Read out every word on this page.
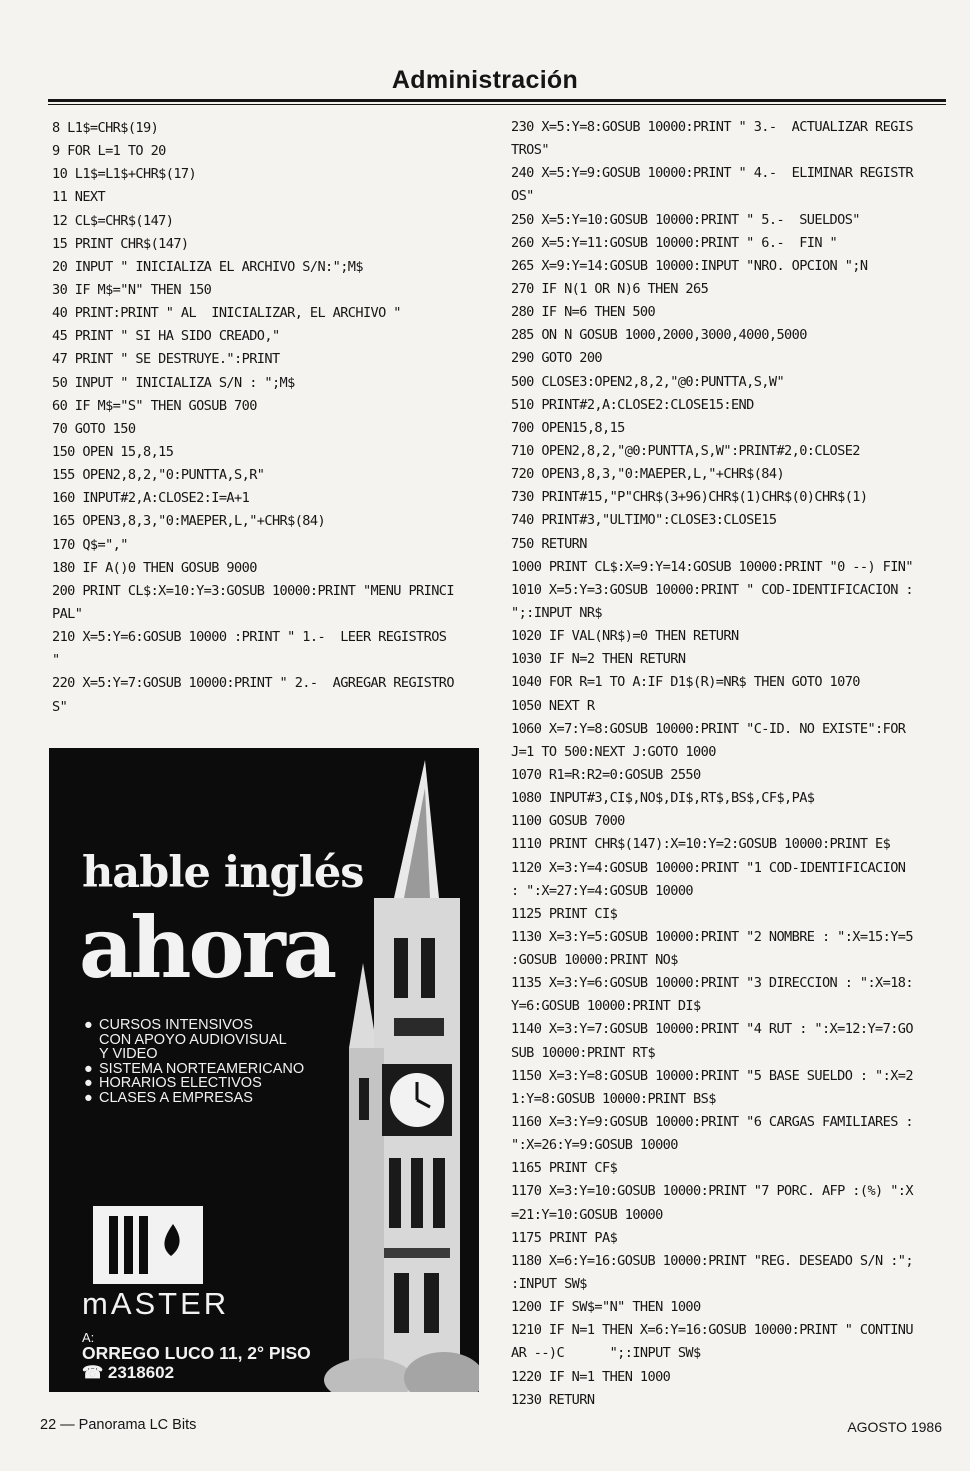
Administración
8 L1$=CHR$(19)
9 FOR L=1 TO 20
10 L1$=L1$+CHR$(17)
11 NEXT
12 CL$=CHR$(147)
15 PRINT CHR$(147)
20 INPUT " INICIALIZA EL ARCHIVO S/N:";M$
30 IF M$="N" THEN 150
40 PRINT:PRINT " AL  INICIALIZAR, EL ARCHIVO "
45 PRINT " SI HA SIDO CREADO,"
47 PRINT " SE DESTRUYE.":PRINT
50 INPUT " INICIALIZA S/N : ";M$
60 IF M$="S" THEN GOSUB 700
70 GOTO 150
150 OPEN 15,8,15
155 OPEN2,8,2,"0:PUNTTA,S,R"
160 INPUT#2,A:CLOSE2:I=A+1
165 OPEN3,8,3,"0:MAEPER,L,"+CHR$(84)
170 Q$=","
180 IF A()0 THEN GOSUB 9000
200 PRINT CL$:X=10:Y=3:GOSUB 10000:PRINT "MENU PRINCI
PAL"
210 X=5:Y=6:GOSUB 10000 :PRINT " 1.-  LEER REGISTROS
"
220 X=5:Y=7:GOSUB 10000:PRINT " 2.-  AGREGAR REGISTRO
S"
230 X=5:Y=8:GOSUB 10000:PRINT " 3.-  ACTUALIZAR REGIS
TROS"
240 X=5:Y=9:GOSUB 10000:PRINT " 4.-  ELIMINAR REGISTR
OS"
250 X=5:Y=10:GOSUB 10000:PRINT " 5.-  SUELDOS"
260 X=5:Y=11:GOSUB 10000:PRINT " 6.-  FIN "
265 X=9:Y=14:GOSUB 10000:INPUT "NRO. OPCION ";N
270 IF N(1 OR N)6 THEN 265
280 IF N=6 THEN 500
285 ON N GOSUB 1000,2000,3000,4000,5000
290 GOTO 200
500 CLOSE3:OPEN2,8,2,"@0:PUNTTA,S,W"
510 PRINT#2,A:CLOSE2:CLOSE15:END
700 OPEN15,8,15
710 OPEN2,8,2,"@0:PUNTTA,S,W":PRINT#2,0:CLOSE2
720 OPEN3,8,3,"0:MAEPER,L,"+CHR$(84)
730 PRINT#15,"P"CHR$(3+96)CHR$(1)CHR$(0)CHR$(1)
740 PRINT#3,"ULTIMO":CLOSE3:CLOSE15
750 RETURN
1000 PRINT CL$:X=9:Y=14:GOSUB 10000:PRINT "0 --) FIN"
1010 X=5:Y=3:GOSUB 10000:PRINT " COD-IDENTIFICACION :
";:INPUT NR$
1020 IF VAL(NR$)=0 THEN RETURN
1030 IF N=2 THEN RETURN
1040 FOR R=1 TO A:IF D1$(R)=NR$ THEN GOTO 1070
1050 NEXT R
1060 X=7:Y=8:GOSUB 10000:PRINT "C-ID. NO EXISTE":FOR
J=1 TO 500:NEXT J:GOTO 1000
1070 R1=R:R2=0:GOSUB 2550
1080 INPUT#3,CI$,NO$,DI$,RT$,BS$,CF$,PA$
1100 GOSUB 7000
1110 PRINT CHR$(147):X=10:Y=2:GOSUB 10000:PRINT E$
1120 X=3:Y=4:GOSUB 10000:PRINT "1 COD-IDENTIFICACION
: ":X=27:Y=4:GOSUB 10000
1125 PRINT CI$
1130 X=3:Y=5:GOSUB 10000:PRINT "2 NOMBRE : ":X=15:Y=5
:GOSUB 10000:PRINT NO$
1135 X=3:Y=6:GOSUB 10000:PRINT "3 DIRECCION : ":X=18:
Y=6:GOSUB 10000:PRINT DI$
1140 X=3:Y=7:GOSUB 10000:PRINT "4 RUT : ":X=12:Y=7:GO
SUB 10000:PRINT RT$
1150 X=3:Y=8:GOSUB 10000:PRINT "5 BASE SUELDO : ":X=2
1:Y=8:GOSUB 10000:PRINT BS$
1160 X=3:Y=9:GOSUB 10000:PRINT "6 CARGAS FAMILIARES :
":X=26:Y=9:GOSUB 10000
1165 PRINT CF$
1170 X=3:Y=10:GOSUB 10000:PRINT "7 PORC. AFP :(%) ":X
=21:Y=10:GOSUB 10000
1175 PRINT PA$
1180 X=6:Y=16:GOSUB 10000:PRINT "REG. DESEADO S/N :";
:INPUT SW$
1200 IF SW$="N" THEN 1000
1210 IF N=1 THEN X=6:Y=16:GOSUB 10000:PRINT " CONTINU
AR --)C      ";:INPUT SW$
1220 IF N=1 THEN 1000
1230 RETURN
hable inglés
ahora
● CURSOS INTENSIVOS
CON APOYO AUDIOVISUAL
Y VIDEO
● SISTEMA NORTEAMERICANO
● HORARIOS ELECTIVOS
● CLASES A EMPRESAS
mASTER
A:
ORREGO LUCO 11, 2° PISO
☎ 2318602
22 — Panorama LC Bits	AGOSTO 1986
